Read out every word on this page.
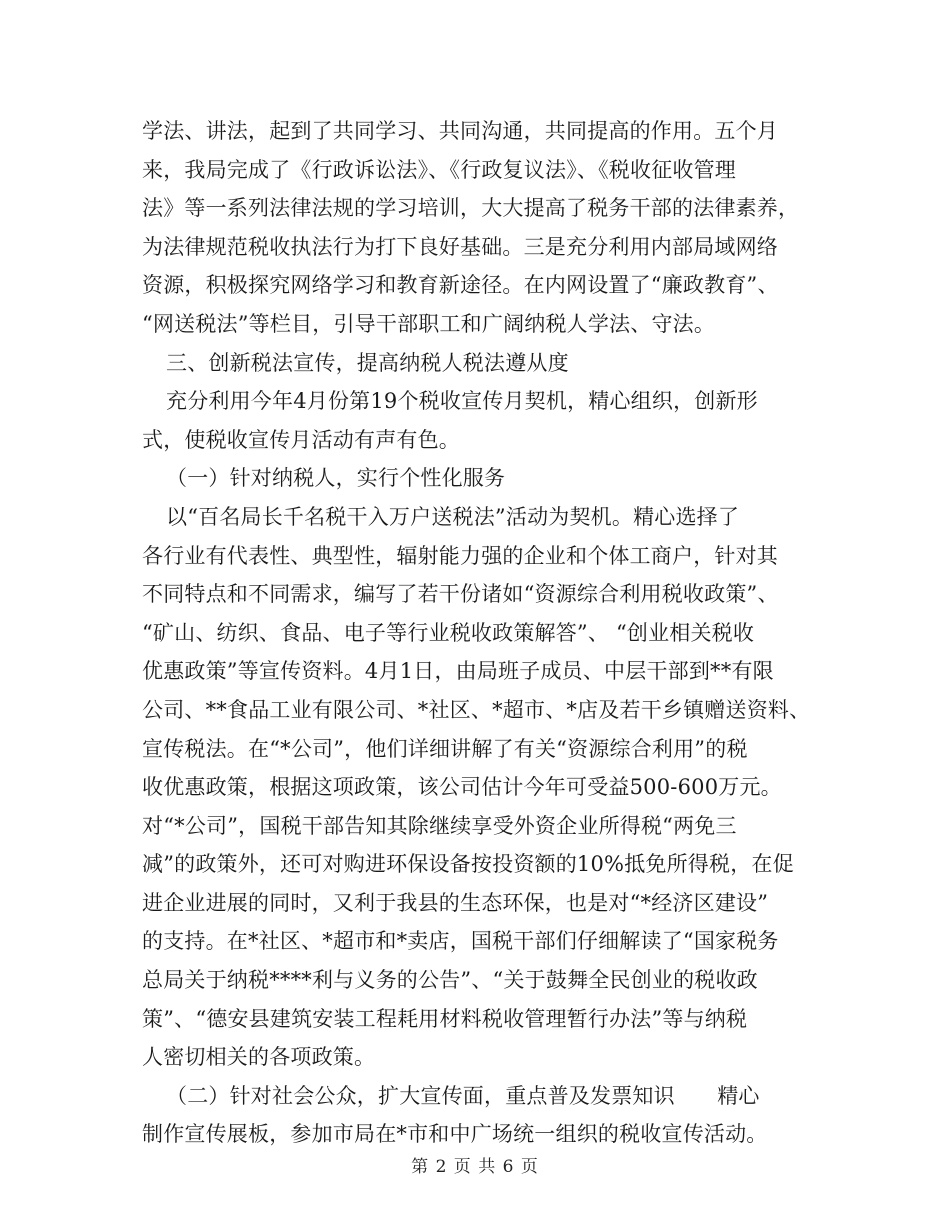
学法、讲法，起到了共同学习、共同沟通，共同提高的作用。五个月
来，我局完成了《行政诉讼法》、《行政复议法》、《税收征收管理
法》等一系列法律法规的学习培训，大大提高了税务干部的法律素养，
为法律规范税收执法行为打下良好基础。三是充分利用内部局域网络
资源，积极探究网络学习和教育新途径。在内网设置了“廉政教育”、
“网送税法”等栏目，引导干部职工和广阔纳税人学法、守法。
三、创新税法宣传，提高纳税人税法遵从度
充分利用今年4月份第19个税收宣传月契机，精心组织，创新形
式，使税收宣传月活动有声有色。
（一）针对纳税人，实行个性化服务
以“百名局长千名税干入万户送税法”活动为契机。精心选择了
各行业有代表性、典型性，辐射能力强的企业和个体工商户，针对其
不同特点和不同需求，编写了若干份诸如“资源综合利用税收政策”、
“矿山、纺织、食品、电子等行业税收政策解答”、 “创业相关税收
优惠政策”等宣传资料。4月1日，由局班子成员、中层干部到**有限
公司、**食品工业有限公司、*社区、*超市、*店及若干乡镇赠送资料、
宣传税法。在“*公司”，他们详细讲解了有关“资源综合利用”的税
收优惠政策，根据这项政策，该公司估计今年可受益500-600万元。
对“*公司”，国税干部告知其除继续享受外资企业所得税“两免三
减”的政策外，还可对购进环保设备按投资额的10%抵免所得税，在促
进企业进展的同时，又利于我县的生态环保，也是对“*经济区建设”
的支持。在*社区、*超市和*卖店，国税干部们仔细解读了“国家税务
总局关于纳税****利与义务的公告”、“关于鼓舞全民创业的税收政
策”、“德安县建筑安装工程耗用材料税收管理暂行办法”等与纳税
人密切相关的各项政策。
（二）针对社会公众，扩大宣传面，重点普及发票知识　　精心
制作宣传展板，参加市局在*市和中广场统一组织的税收宣传活动。
第 2 页 共 6 页
